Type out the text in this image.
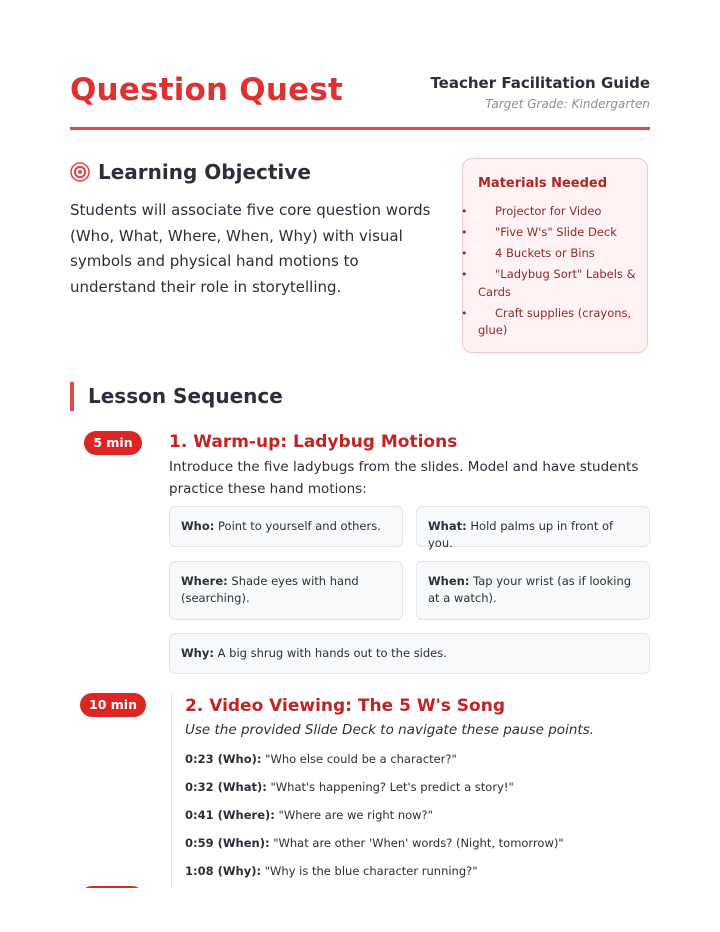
Question Quest	Teacher Facilitation Guide
Target Grade: Kindergarten
Learning Objective
Students will associate five core question words (Who, What, Where, When, Why) with visual symbols and physical hand motions to understand their role in storytelling.
Materials Needed
• Projector for Video
• "Five W's" Slide Deck
• 4 Buckets or Bins
• "Ladybug Sort" Labels & Cards
• Craft supplies (crayons, glue)
Lesson Sequence
5 min	1. Warm-up: Ladybug Motions
Introduce the five ladybugs from the slides. Model and have students practice these hand motions:
Who: Point to yourself and others.	What: Hold palms up in front of you.
Where: Shade eyes with hand (searching).
When: Tap your wrist (as if looking at a watch).
Why: A big shrug with hands out to the sides.
10 min	2. Video Viewing: The 5 W's Song
Use the provided Slide Deck to navigate these pause points.
0:23 (Who): "Who else could be a character?"
0:32 (What): "What's happening? Let's predict a story!"
0:41 (Where): "Where are we right now?"
0:59 (When): "What are other 'When' words? (Night, tomorrow)"
1:08 (Why): "Why is the blue character running?"
